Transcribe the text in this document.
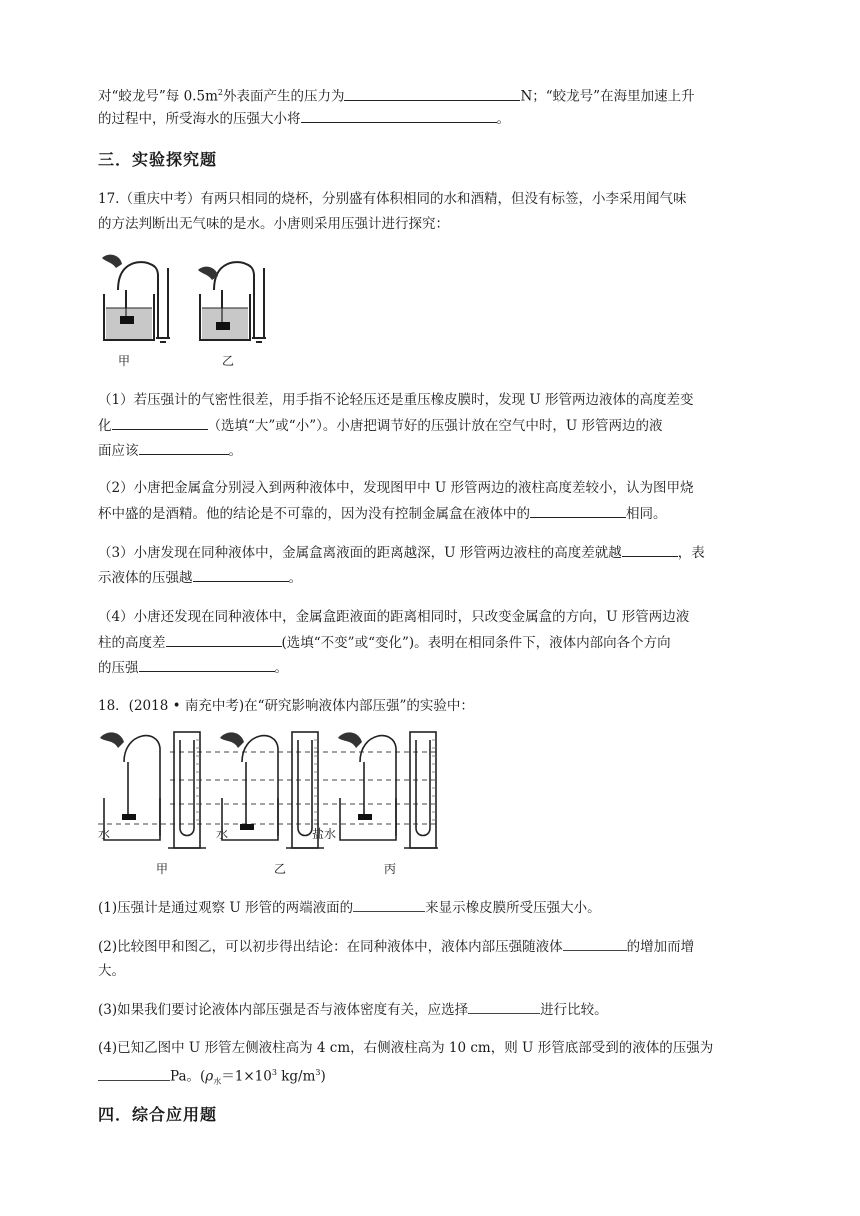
对“蛟龙号”每 $0.5m^2$外表面产生的压力为	N；“蛟龙号”在海里加速上升
的过程中，所受海水的压强大小将	。
三．实验探究题
17.（重庆中考）有两只相同的烧杯，分别盛有体积相同的水和酒精，但没有标签，小李采用闻气味
的方法判断出无气味的是水。小唐则采用压强计进行探究：
甲	乙
（1）若压强计的气密性很差，用手指不论轻压还是重压橡皮膜时，发现 U 形管两边液体的高度差变
化	（选填“大”或“小”）。小唐把调节好的压强计放在空气中时，U 形管两边的液
面应该	。
（2）小唐把金属盒分别浸入到两种液体中，发现图甲中 U 形管两边的液柱高度差较小，认为图甲烧
杯中盛的是酒精。他的结论是不可靠的，因为没有控制金属盒在液体中的	相同。
（3）小唐发现在同种液体中，金属盒离液面的距离越深，U 形管两边液柱的高度差就越	，表
示液体的压强越	。
（4）小唐还发现在同种液体中，金属盒距液面的距离相同时，只改变金属盒的方向，U 形管两边液
柱的高度差	(选填“不变”或“变化”)。表明在相同条件下，液体内部向各个方向
的压强	。
18．(2018 • 南充中考)在“研究影响液体内部压强”的实验中：
水	水	盐水
甲	乙	丙
(1)压强计是通过观察 U 形管的两端液面的	来显示橡皮膜所受压强大小。
(2)比较图甲和图乙，可以初步得出结论：在同种液体中，液体内部压强随液体	的增加而增
大。
(3)如果我们要讨论液体内部压强是否与液体密度有关，应选择	进行比较。
(4)已知乙图中 U 形管左侧液柱高为 4 cm，右侧液柱高为 10 cm，则 U 形管底部受到的液体的压强为
Pa。($\rho_水=1\times 10^3$ $kg/m^3$)
四．综合应用题
